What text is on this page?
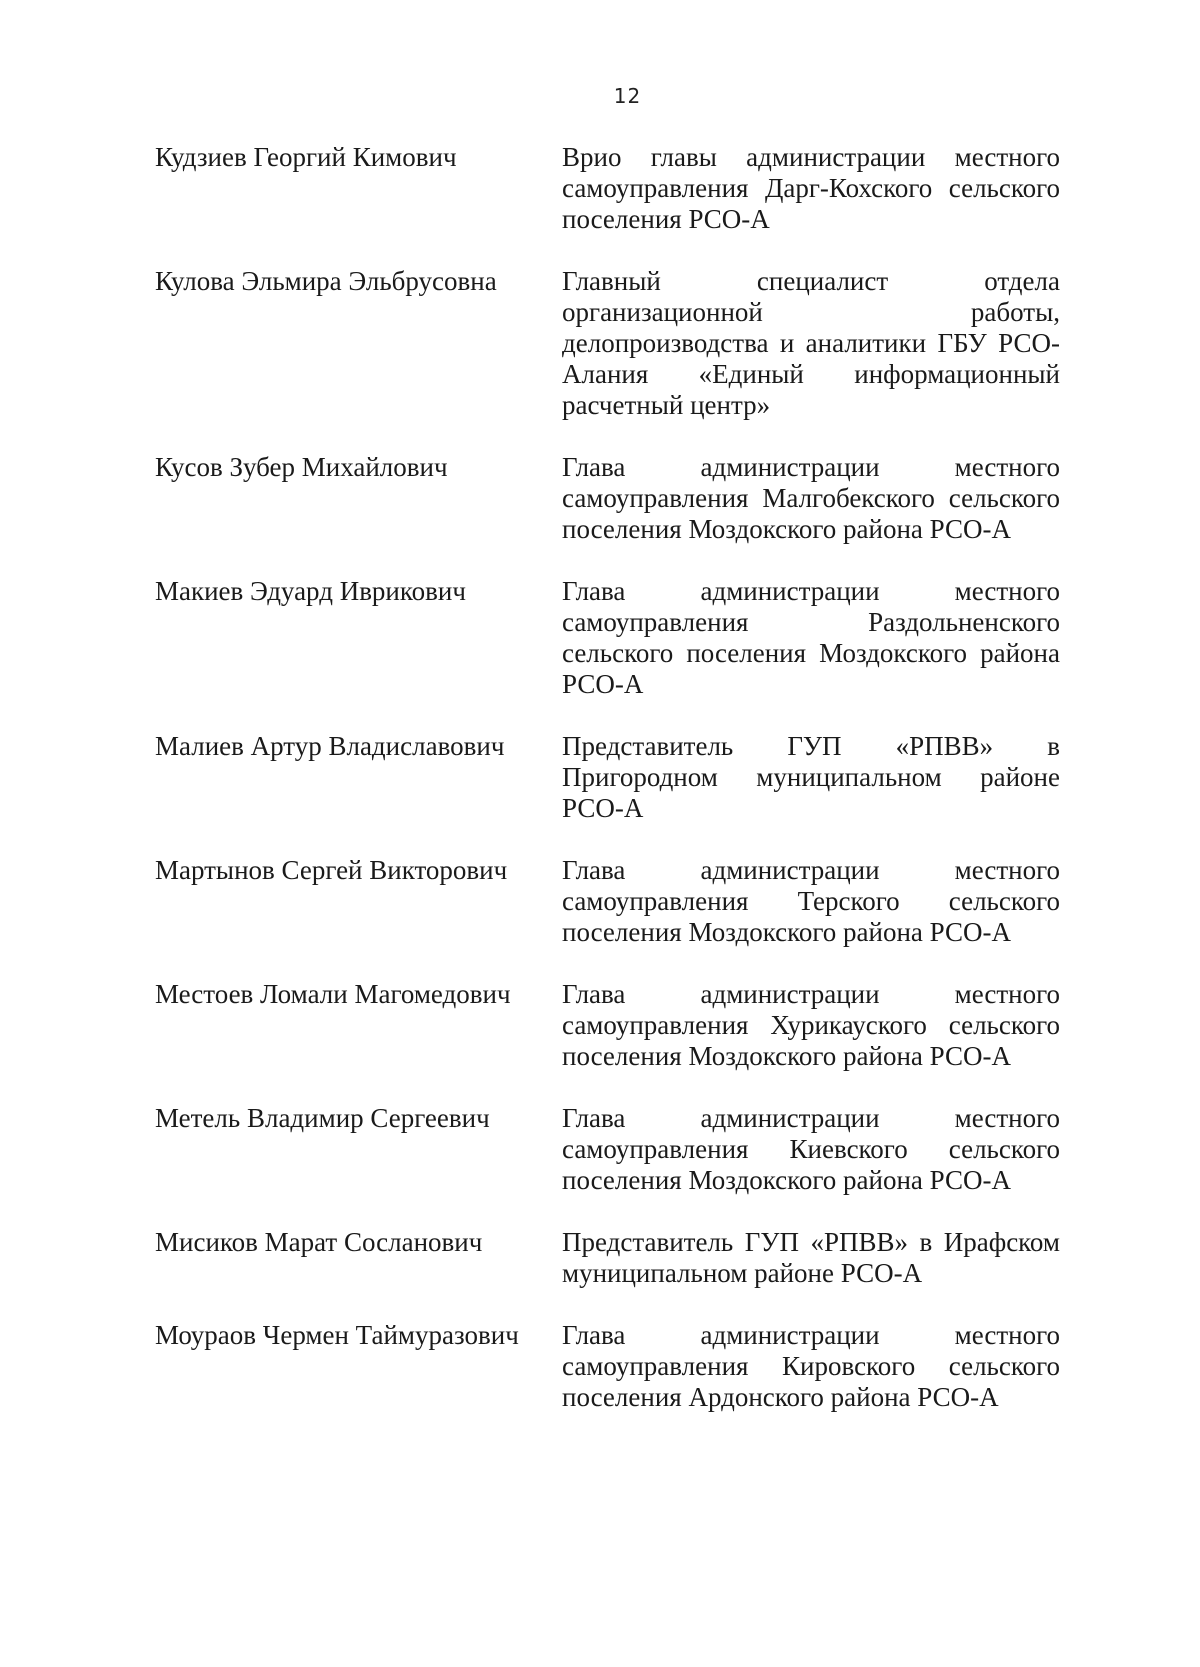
12
Кудзиев Георгий Кимович	Врио главы администрации местного самоуправления Дарг-Кохского сельского поселения РСО-А
Кулова Эльмира Эльбрусовна	Главный специалист отдела организационной работы, делопроизводства и аналитики ГБУ РСО-Алания «Единый информационный расчетный центр»
Кусов Зубер Михайлович	Глава администрации местного самоуправления Малгобекского сельского поселения Моздокского района РСО-А
Макиев Эдуард Иврикович	Глава администрации местного самоуправления Раздольненского сельского поселения Моздокского района РСО-А
Малиев Артур Владиславович	Представитель ГУП «РПВВ» в Пригородном муниципальном районе РСО-А
Мартынов Сергей Викторович	Глава администрации местного самоуправления Терского сельского поселения Моздокского района РСО-А
Местоев Ломали Магомедович	Глава администрации местного самоуправления Хурикауского сельского поселения Моздокского района РСО-А
Метель Владимир Сергеевич	Глава администрации местного самоуправления Киевского сельского поселения Моздокского района РСО-А
Мисиков Марат Сосланович	Представитель ГУП «РПВВ» в Ирафском муниципальном районе РСО-А
Моураов Чермен Таймуразович	Глава администрации местного самоуправления Кировского сельского поселения Ардонского района РСО-А
